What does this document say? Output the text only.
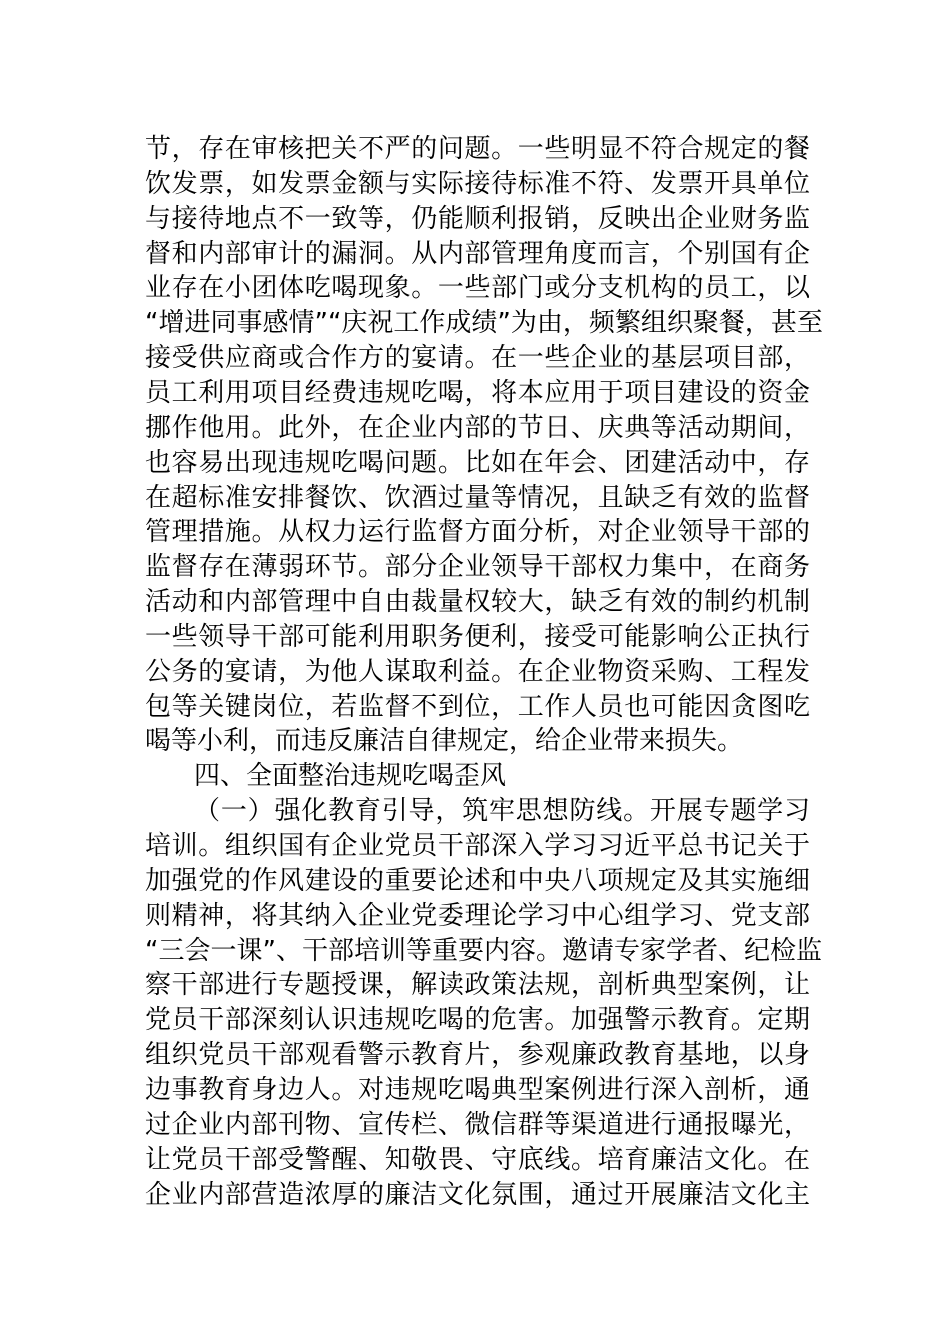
节，存在审核把关不严的问题。一些明显不符合规定的餐
饮发票，如发票金额与实际接待标准不符、发票开具单位
与接待地点不一致等，仍能顺利报销，反映出企业财务监
督和内部审计的漏洞。从内部管理角度而言，个别国有企
业存在小团体吃喝现象。一些部门或分支机构的员工，以
“增进同事感情”“庆祝工作成绩”为由，频繁组织聚餐，甚至
接受供应商或合作方的宴请。在一些企业的基层项目部，
员工利用项目经费违规吃喝，将本应用于项目建设的资金
挪作他用。此外，在企业内部的节日、庆典等活动期间，
也容易出现违规吃喝问题。比如在年会、团建活动中，存
在超标准安排餐饮、饮酒过量等情况，且缺乏有效的监督
管理措施。从权力运行监督方面分析，对企业领导干部的
监督存在薄弱环节。部分企业领导干部权力集中，在商务
活动和内部管理中自由裁量权较大，缺乏有效的制约机制
一些领导干部可能利用职务便利，接受可能影响公正执行
公务的宴请，为他人谋取利益。在企业物资采购、工程发
包等关键岗位，若监督不到位，工作人员也可能因贪图吃
喝等小利，而违反廉洁自律规定，给企业带来损失。
四、全面整治违规吃喝歪风
（一）强化教育引导，筑牢思想防线。开展专题学习
培训。组织国有企业党员干部深入学习习近平总书记关于
加强党的作风建设的重要论述和中央八项规定及其实施细
则精神，将其纳入企业党委理论学习中心组学习、党支部
“三会一课”、干部培训等重要内容。邀请专家学者、纪检监
察干部进行专题授课，解读政策法规，剖析典型案例，让
党员干部深刻认识违规吃喝的危害。加强警示教育。定期
组织党员干部观看警示教育片，参观廉政教育基地，以身
边事教育身边人。对违规吃喝典型案例进行深入剖析，通
过企业内部刊物、宣传栏、微信群等渠道进行通报曝光，
让党员干部受警醒、知敬畏、守底线。培育廉洁文化。在
企业内部营造浓厚的廉洁文化氛围，通过开展廉洁文化主
